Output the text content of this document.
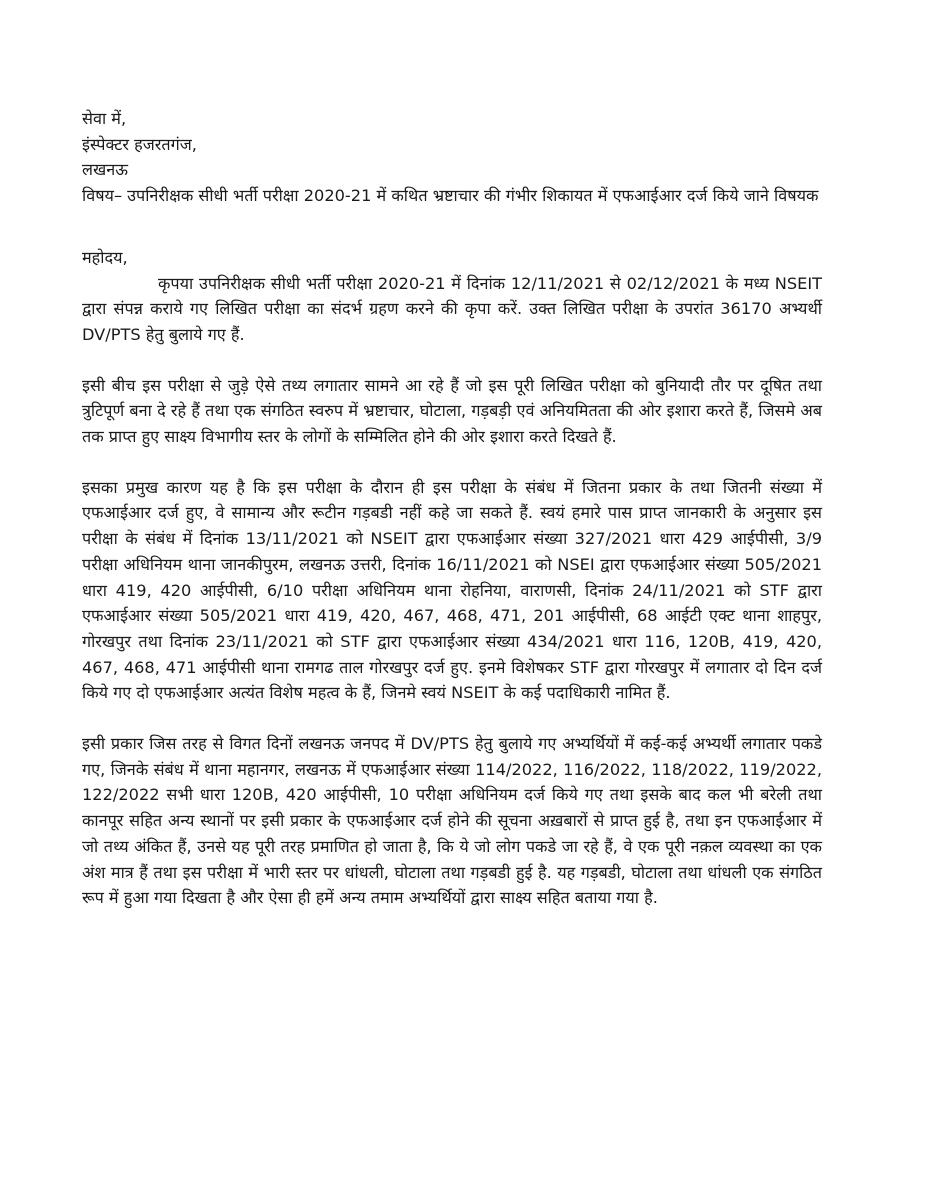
सेवा में,
इंस्पेक्टर हजरतगंज,
लखनऊ

विषय– उपनिरीक्षक सीधी भर्ती परीक्षा 2020-21 में कथित भ्रष्टाचार की गंभीर शिकायत में एफआईआर दर्ज किये जाने विषयक

महोदय,

कृपया उपनिरीक्षक सीधी भर्ती परीक्षा 2020-21 में दिनांक 12/11/2021 से 02/12/2021 के मध्य NSEIT द्वारा संपन्न कराये गए लिखित परीक्षा का संदर्भ ग्रहण करने की कृपा करें. उक्त लिखित परीक्षा के उपरांत 36170 अभ्यर्थी DV/PTS हेतु बुलाये गए हैं.

इसी बीच इस परीक्षा से जुड़े ऐसे तथ्य लगातार सामने आ रहे हैं जो इस पूरी लिखित परीक्षा को बुनियादी तौर पर दूषित तथा त्रुटिपूर्ण बना दे रहे हैं तथा एक संगठित स्वरुप में भ्रष्टाचार, घोटाला, गड़बड़ी एवं अनियमितता की ओर इशारा करते हैं, जिसमे अब तक प्राप्त हुए साक्ष्य विभागीय स्तर के लोगों के सम्मिलित होने की ओर इशारा करते दिखते हैं.

इसका प्रमुख कारण यह है कि इस परीक्षा के दौरान ही इस परीक्षा के संबंध में जितना प्रकार के तथा जितनी संख्या में एफआईआर दर्ज हुए, वे सामान्य और रूटीन गड़बडी नहीं कहे जा सकते हैं. स्वयं हमारे पास प्राप्त जानकारी के अनुसार इस परीक्षा के संबंध में दिनांक 13/11/2021 को NSEIT द्वारा एफआईआर संख्या 327/2021 धारा 429 आईपीसी, 3/9 परीक्षा अधिनियम थाना जानकीपुरम, लखनऊ उत्तरी, दिनांक 16/11/2021 को NSEI द्वारा एफआईआर संख्या 505/2021 धारा 419, 420 आईपीसी, 6/10 परीक्षा अधिनियम थाना रोहनिया, वाराणसी, दिनांक 24/11/2021 को STF द्वारा एफआईआर संख्या 505/2021 धारा 419, 420, 467, 468, 471, 201 आईपीसी, 68 आईटी एक्ट थाना शाहपुर, गोरखपुर तथा दिनांक 23/11/2021 को STF द्वारा एफआईआर संख्या 434/2021 धारा 116, 120B, 419, 420, 467, 468, 471 आईपीसी थाना रामगढ ताल गोरखपुर दर्ज हुए. इनमे विशेषकर STF द्वारा गोरखपुर में लगातार दो दिन दर्ज किये गए दो एफआईआर अत्यंत विशेष महत्व के हैं, जिनमे स्वयं NSEIT के कई पदाधिकारी नामित हैं.

इसी प्रकार जिस तरह से विगत दिनों लखनऊ जनपद में DV/PTS हेतु बुलाये गए अभ्यर्थियों में कई-कई अभ्यर्थी लगातार पकडे गए, जिनके संबंध में थाना महानगर, लखनऊ में एफआईआर संख्या 114/2022, 116/2022, 118/2022, 119/2022, 122/2022 सभी धारा 120B, 420 आईपीसी, 10 परीक्षा अधिनियम दर्ज किये गए तथा इसके बाद कल भी बरेली तथा कानपूर सहित अन्य स्थानों पर इसी प्रकार के एफआईआर दर्ज होने की सूचना अख़बारों से प्राप्त हुई है, तथा इन एफआईआर में जो तथ्य अंकित हैं, उनसे यह पूरी तरह प्रमाणित हो जाता है, कि ये जो लोग पकडे जा रहे हैं, वे एक पूरी नक़ल व्यवस्था का एक अंश मात्र हैं तथा इस परीक्षा में भारी स्तर पर धांधली, घोटाला तथा गड़बडी हुई है. यह गड़बडी, घोटाला तथा धांधली एक संगठित रूप में हुआ गया दिखता है और ऐसा ही हमें अन्य तमाम अभ्यर्थियों द्वारा साक्ष्य सहित बताया गया है.
